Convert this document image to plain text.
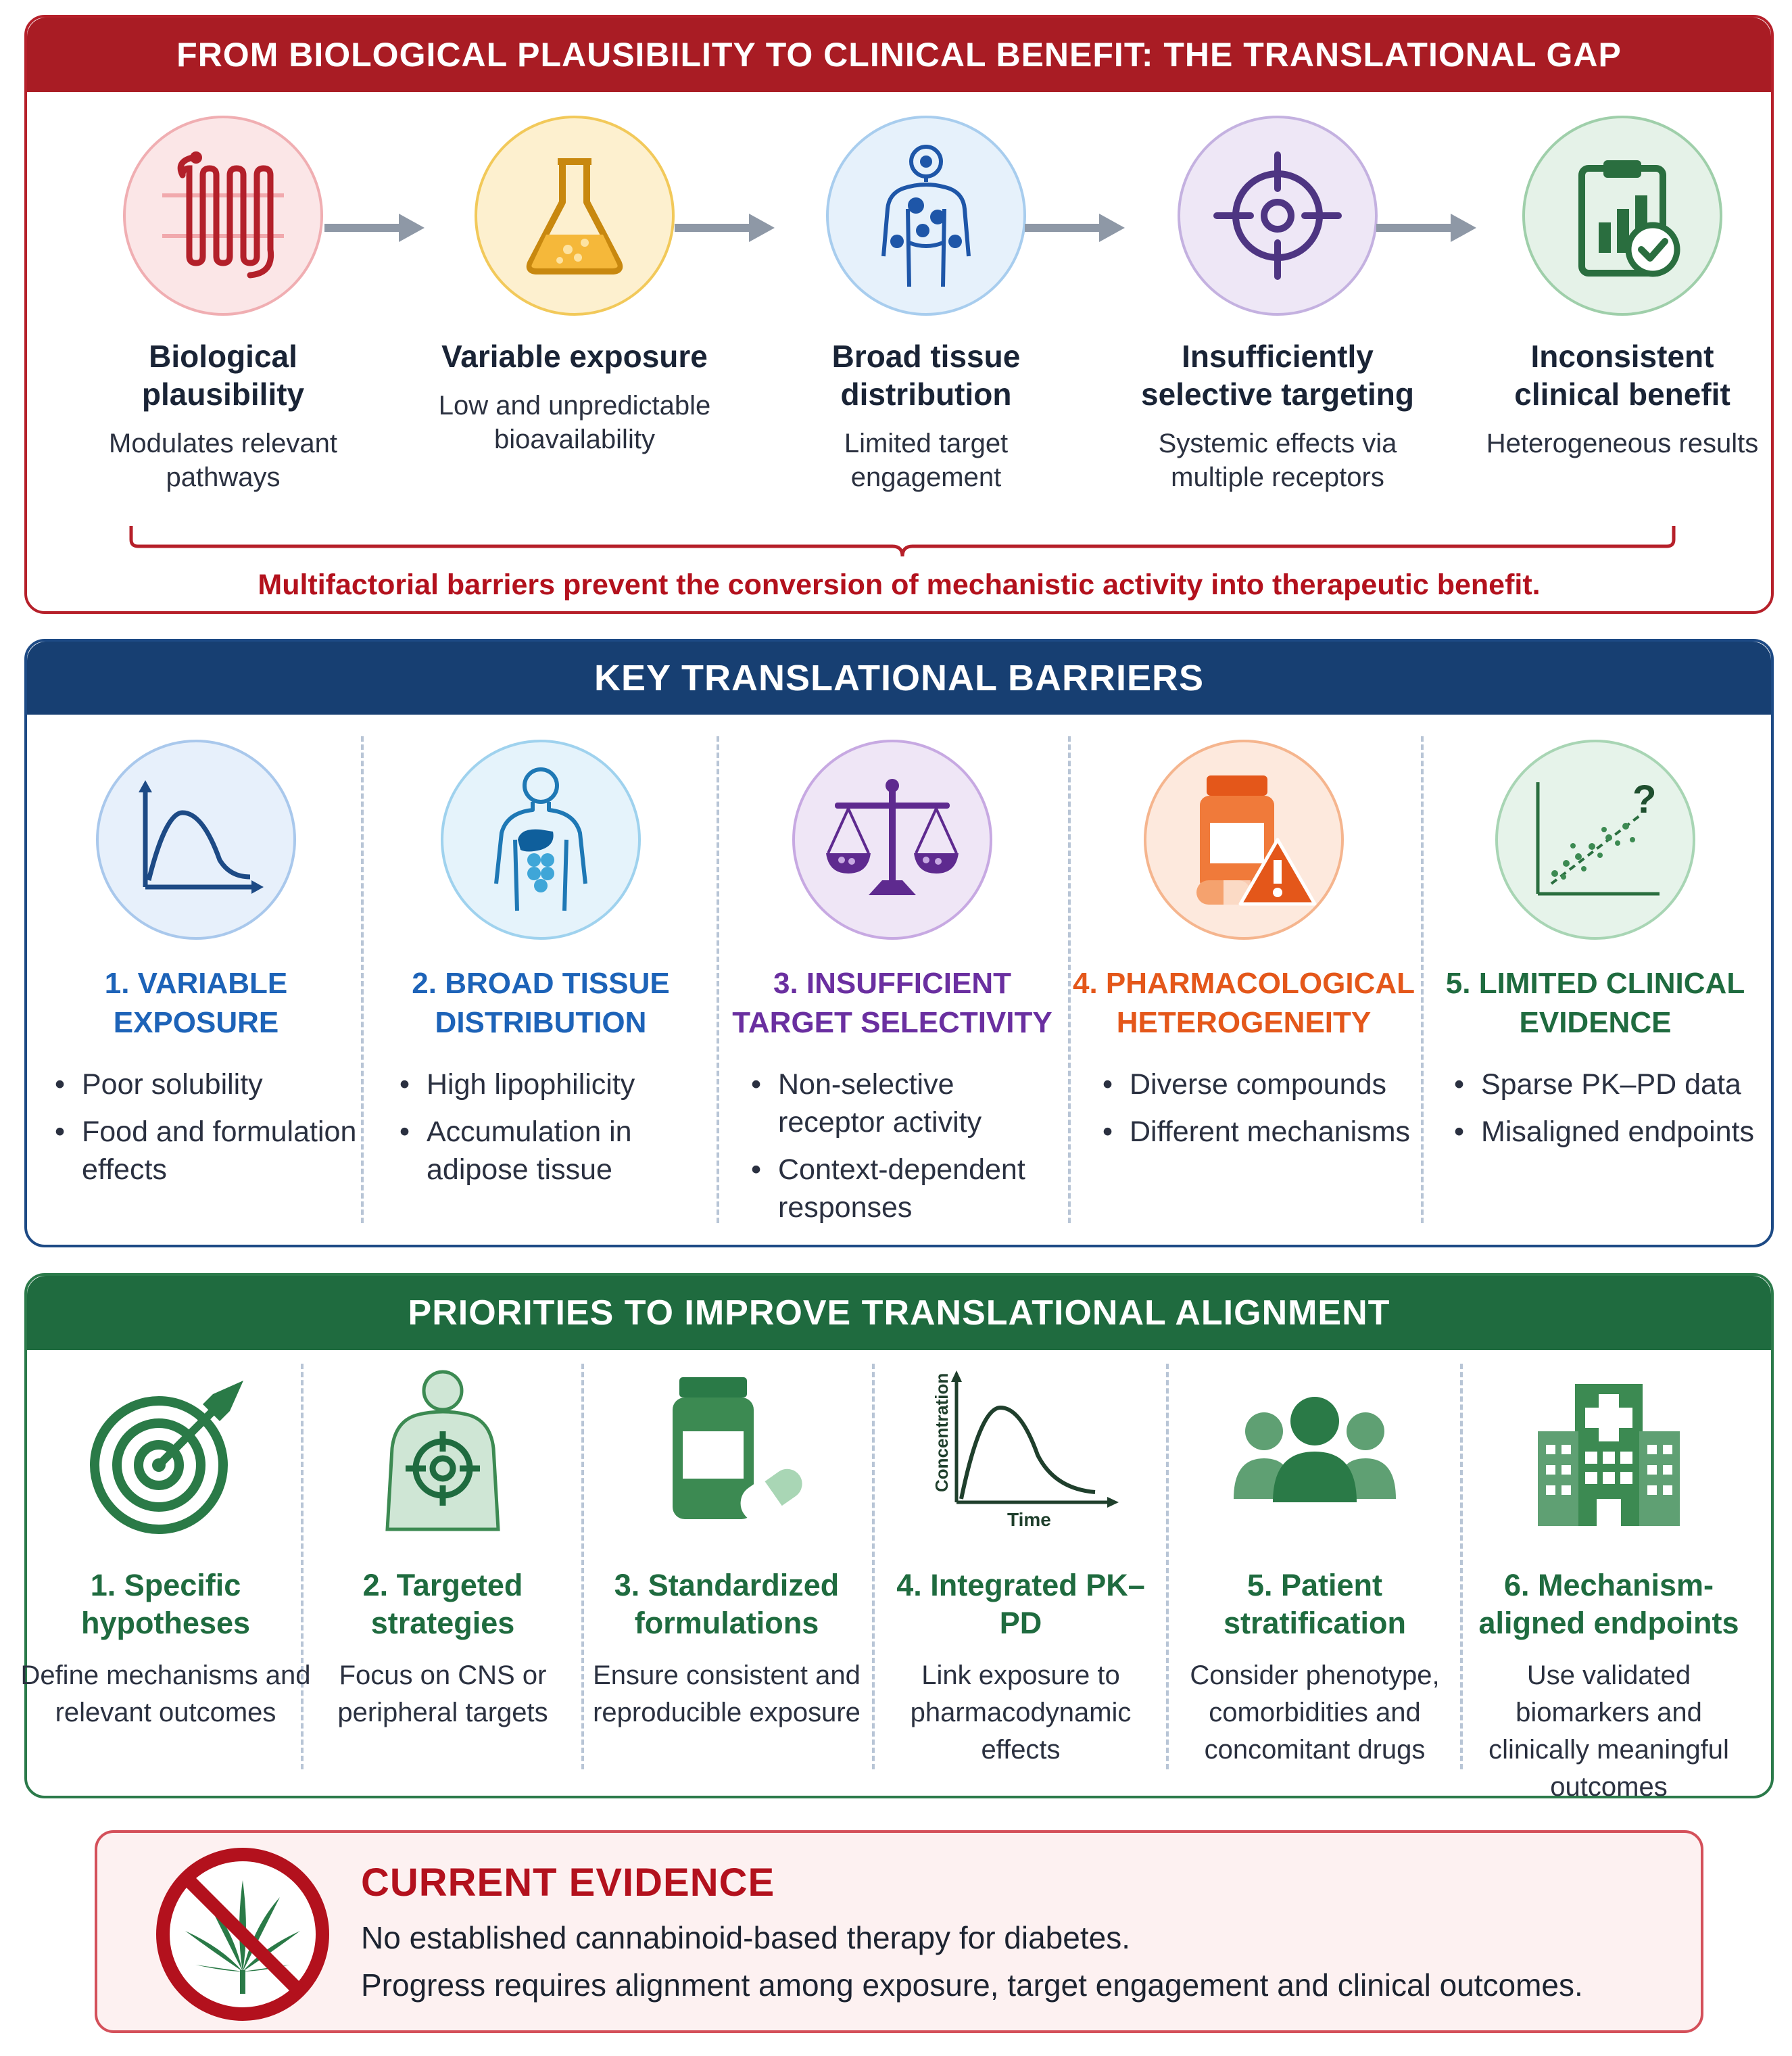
FROM BIOLOGICAL PLAUSIBILITY TO CLINICAL BENEFIT: THE TRANSLATIONAL GAP
Biological plausibility
Modulates relevant pathways
Variable exposure
Low and unpredictable bioavailability
Broad tissue distribution
Limited target engagement
Insufficiently selective targeting
Systemic effects via multiple receptors
Inconsistent clinical benefit
Heterogeneous results
Multifactorial barriers prevent the conversion of mechanistic activity into therapeutic benefit.
KEY TRANSLATIONAL BARRIERS
1. VARIABLE EXPOSURE
• Poor solubility
• Food and formulation effects
2. BROAD TISSUE DISTRIBUTION
• High lipophilicity
• Accumulation in adipose tissue
3. INSUFFICIENT TARGET SELECTIVITY
• Non-selective receptor activity
• Context-dependent responses
4. PHARMACOLOGICAL HETEROGENEITY
• Diverse compounds
• Different mechanisms
?
5. LIMITED CLINICAL EVIDENCE
• Sparse PK–PD data
• Misaligned endpoints
PRIORITIES TO IMPROVE TRANSLATIONAL ALIGNMENT
1. Specific hypotheses
Define mechanisms and relevant outcomes
2. Targeted strategies
Focus on CNS or peripheral targets
3. Standardized formulations
Ensure consistent and reproducible exposure
Concentration
Time
4. Integrated PK–PD
Link exposure to pharmacodynamic effects
5. Patient stratification
Consider phenotype, comorbidities and concomitant drugs
6. Mechanism-aligned endpoints
Use validated biomarkers and clinically meaningful outcomes
CURRENT EVIDENCE
No established cannabinoid-based therapy for diabetes.
Progress requires alignment among exposure, target engagement and clinical outcomes.
